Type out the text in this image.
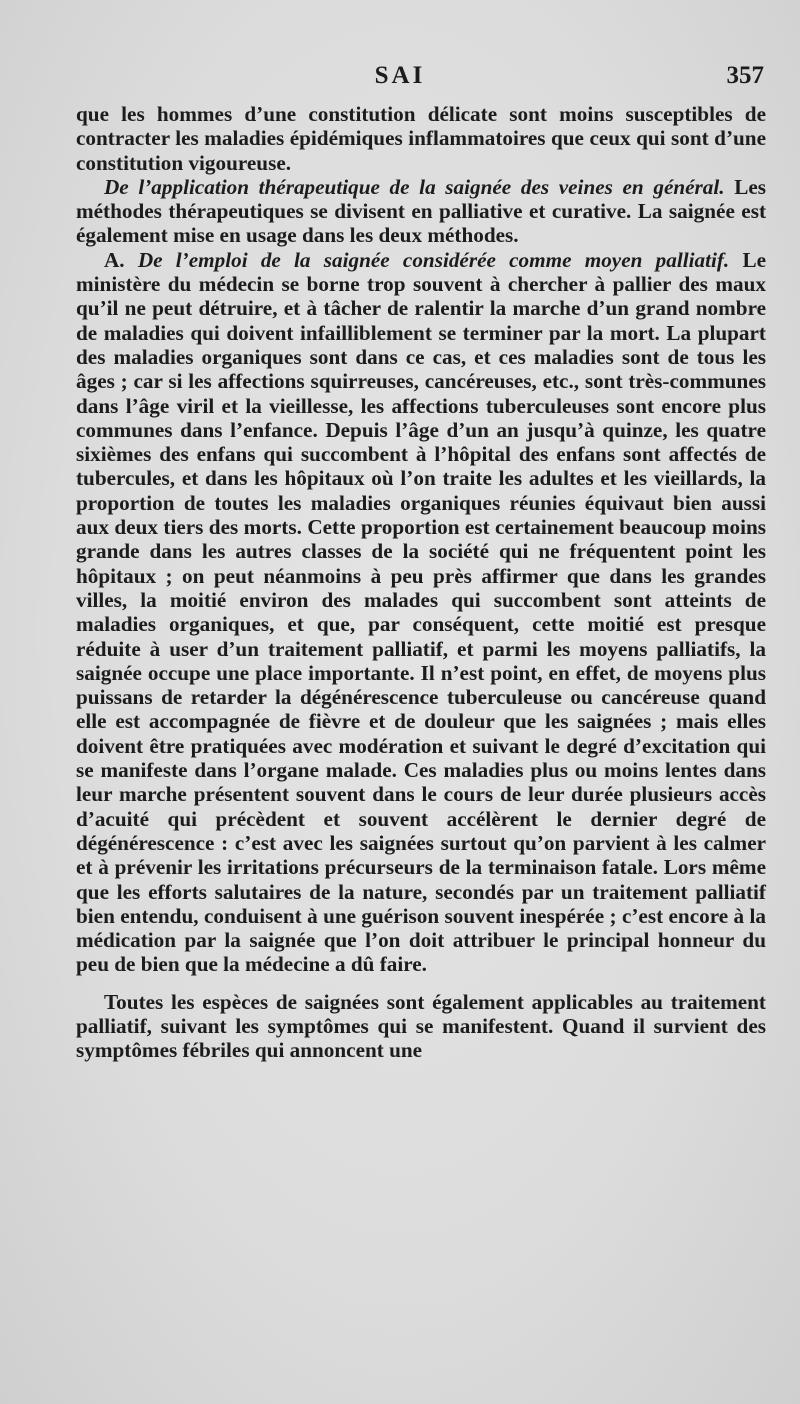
SAI	357

que les hommes d’une constitution délicate sont moins susceptibles de contracter les maladies épidémiques inflammatoires que ceux qui sont d’une constitution vigoureuse.

De l’application thérapeutique de la saignée des veines en général. Les méthodes thérapeutiques se divisent en palliative et curative. La saignée est également mise en usage dans les deux méthodes.

A. De l’emploi de la saignée considérée comme moyen palliatif. Le ministère du médecin se borne trop souvent à chercher à pallier des maux qu’il ne peut détruire, et à tâcher de ralentir la marche d’un grand nombre de maladies qui doivent infailliblement se terminer par la mort. La plupart des maladies organiques sont dans ce cas, et ces maladies sont de tous les âges ; car si les affections squirreuses, cancéreuses, etc., sont très-communes dans l’âge viril et la vieillesse, les affections tuberculeuses sont encore plus communes dans l’enfance. Depuis l’âge d’un an jusqu’à quinze, les quatre sixièmes des enfans qui succombent à l’hôpital des enfans sont affectés de tubercules, et dans les hôpitaux où l’on traite les adultes et les vieillards, la proportion de toutes les maladies organiques réunies équivaut bien aussi aux deux tiers des morts. Cette proportion est certainement beaucoup moins grande dans les autres classes de la société qui ne fréquentent point les hôpitaux ; on peut néanmoins à peu près affirmer que dans les grandes villes, la moitié environ des malades qui succombent sont atteints de maladies organiques, et que, par conséquent, cette moitié est presque réduite à user d’un traitement palliatif, et parmi les moyens palliatifs, la saignée occupe une place importante. Il n’est point, en effet, de moyens plus puissans de retarder la dégénérescence tuberculeuse ou cancéreuse quand elle est accompagnée de fièvre et de douleur que les saignées ; mais elles doivent être pratiquées avec modération et suivant le degré d’excitation qui se manifeste dans l’organe malade. Ces maladies plus ou moins lentes dans leur marche présentent souvent dans le cours de leur durée plusieurs accès d’acuité qui précèdent et souvent accélèrent le dernier degré de dégénérescence : c’est avec les saignées surtout qu’on parvient à les calmer et à prévenir les irritations précurseurs de la terminaison fatale. Lors même que les efforts salutaires de la nature, secondés par un traitement palliatif bien entendu, conduisent à une guérison souvent inespérée ; c’est encore à la médication par la saignée que l’on doit attribuer le principal honneur du peu de bien que la médecine a dû faire.

Toutes les espèces de saignées sont également applicables au traitement palliatif, suivant les symptômes qui se manifestent. Quand il survient des symptômes fébriles qui annoncent une
